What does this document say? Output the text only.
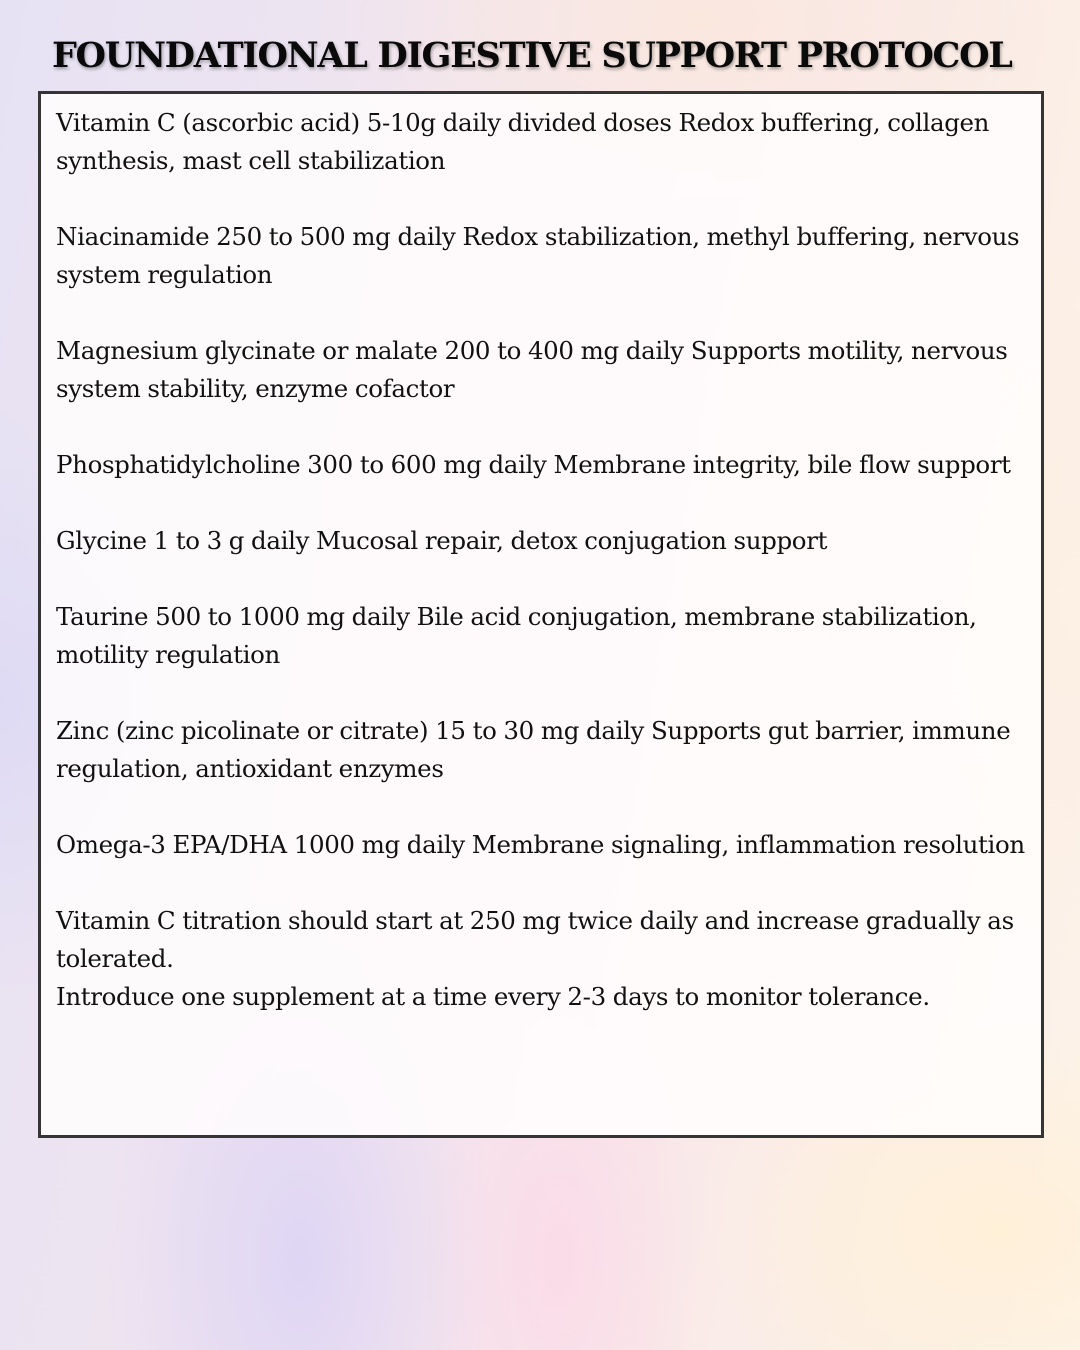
FOUNDATIONAL DIGESTIVE SUPPORT PROTOCOL

Vitamin C (ascorbic acid) 5-10g daily divided doses Redox buffering, collagen synthesis, mast cell stabilization

Niacinamide 250 to 500 mg daily Redox stabilization, methyl buffering, nervous system regulation

Magnesium glycinate or malate 200 to 400 mg daily Supports motility, nervous system stability, enzyme cofactor

Phosphatidylcholine 300 to 600 mg daily Membrane integrity, bile flow support

Glycine 1 to 3 g daily Mucosal repair, detox conjugation support

Taurine 500 to 1000 mg daily Bile acid conjugation, membrane stabilization, motility regulation

Zinc (zinc picolinate or citrate) 15 to 30 mg daily Supports gut barrier, immune regulation, antioxidant enzymes

Omega-3 EPA/DHA 1000 mg daily Membrane signaling, inflammation resolution

Vitamin C titration should start at 250 mg twice daily and increase gradually as tolerated.

Introduce one supplement at a time every 2-3 days to monitor tolerance.
